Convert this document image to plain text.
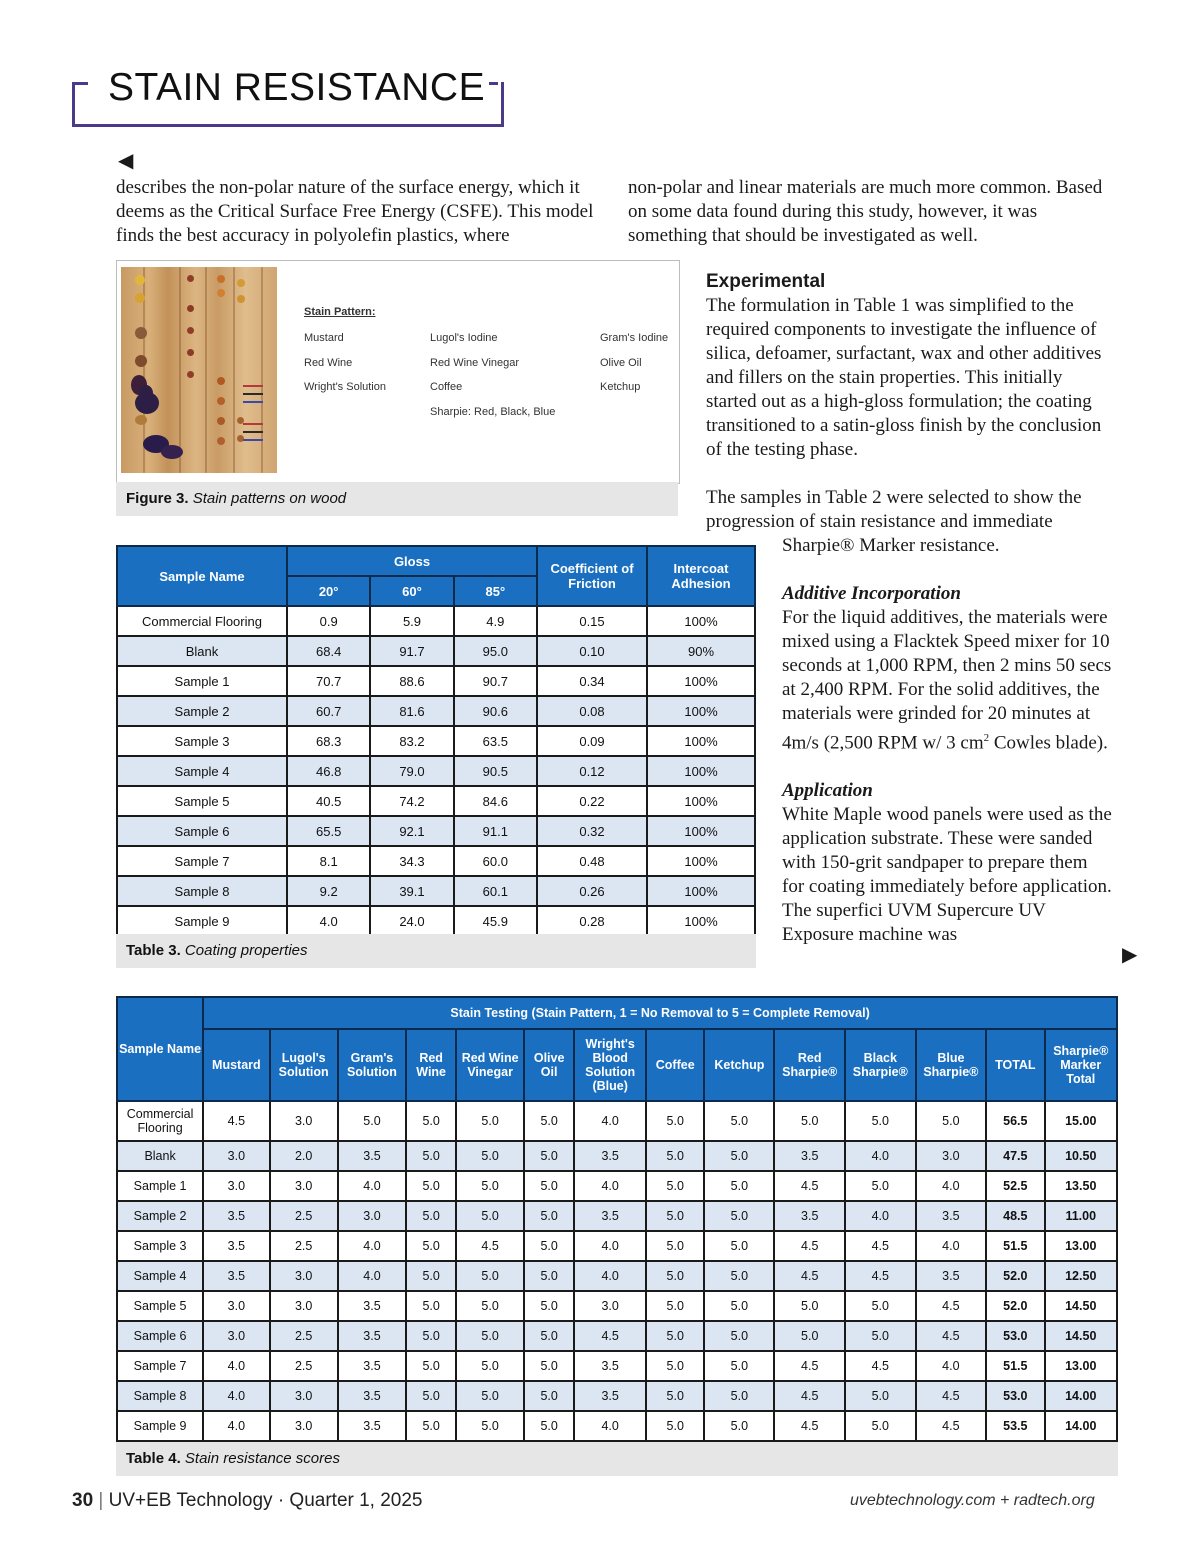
STAIN RESISTANCE
◀
▶
describes the non-polar nature of the surface energy, which it deems as the Critical Surface Free Energy (CSFE). This model finds the best accuracy in polyolefin plastics, where
non-polar and linear materials are much more common. Based on some data found during this study, however, it was something that should be investigated as well.
Stain Pattern:
Mustard
Red Wine
Wright's Solution
Lugol's Iodine
Red Wine Vinegar
Coffee
Sharpie: Red, Black, Blue
Gram's Iodine
Olive Oil
Ketchup
Figure 3. Stain patterns on wood
Experimental

The formulation in Table 1 was simplified to the required components to investigate the influence of silica, defoamer, surfactant, wax and other additives and fillers on the stain properties. This initially started out as a high-gloss formulation; the coating transitioned to a satin-gloss finish by the conclusion of the testing phase.

The samples in Table 2 were selected to show the progression of stain resistance and immediate

Sharpie® Marker resistance.

Additive Incorporation

For the liquid additives, the materials were mixed using a Flacktek Speed mixer for 10 seconds at 1,000 RPM, then 2 mins 50 secs at 2,400 RPM. For the solid additives, the materials were grinded for 20 minutes at 4m/s (2,500 RPM w/ 3 $cm^2$ Cowles blade).

Application

White Maple wood panels were used as the application substrate. These were sanded with 150-grit sandpaper to prepare them for coating immediately before application. The superfici UVM Supercure UV Exposure machine was

Sample Name	Gloss			Coefficient of Friction	Intercoat Adhesion
	20°	60°	85°		
Commercial Flooring	0.9	5.9	4.9	0.15	100%
Blank	68.4	91.7	95.0	0.10	90%
Sample 1	70.7	88.6	90.7	0.34	100%
Sample 2	60.7	81.6	90.6	0.08	100%
Sample 3	68.3	83.2	63.5	0.09	100%
Sample 4	46.8	79.0	90.5	0.12	100%
Sample 5	40.5	74.2	84.6	0.22	100%
Sample 6	65.5	92.1	91.1	0.32	100%
Sample 7	8.1	34.3	60.0	0.48	100%
Sample 8	9.2	39.1	60.1	0.26	100%
Sample 9	4.0	24.0	45.9	0.28	100%
Table 3. Coating properties
Sample Name	Stain Testing (Stain Pattern, 1 = No Removal to 5 = Complete Removal)													
	Mustard	Lugol's Solution	Gram's Solution	Red Wine	Red Wine Vinegar	Olive Oil	Wright's Blood Solution (Blue)	Coffee	Ketchup	Red Sharpie®	Black Sharpie®	Blue Sharpie®	TOTAL	Sharpie® Marker Total
Commercial Flooring	4.5	3.0	5.0	5.0	5.0	5.0	4.0	5.0	5.0	5.0	5.0	5.0	56.5	15.00
Blank	3.0	2.0	3.5	5.0	5.0	5.0	3.5	5.0	5.0	3.5	4.0	3.0	47.5	10.50
Sample 1	3.0	3.0	4.0	5.0	5.0	5.0	4.0	5.0	5.0	4.5	5.0	4.0	52.5	13.50
Sample 2	3.5	2.5	3.0	5.0	5.0	5.0	3.5	5.0	5.0	3.5	4.0	3.5	48.5	11.00
Sample 3	3.5	2.5	4.0	5.0	4.5	5.0	4.0	5.0	5.0	4.5	4.5	4.0	51.5	13.00
Sample 4	3.5	3.0	4.0	5.0	5.0	5.0	4.0	5.0	5.0	4.5	4.5	3.5	52.0	12.50
Sample 5	3.0	3.0	3.5	5.0	5.0	5.0	3.0	5.0	5.0	5.0	5.0	4.5	52.0	14.50
Sample 6	3.0	2.5	3.5	5.0	5.0	5.0	4.5	5.0	5.0	5.0	5.0	4.5	53.0	14.50
Sample 7	4.0	2.5	3.5	5.0	5.0	5.0	3.5	5.0	5.0	4.5	4.5	4.0	51.5	13.00
Sample 8	4.0	3.0	3.5	5.0	5.0	5.0	3.5	5.0	5.0	4.5	5.0	4.5	53.0	14.00
Sample 9	4.0	3.0	3.5	5.0	5.0	5.0	4.0	5.0	5.0	4.5	5.0	4.5	53.5	14.00
Table 4. Stain resistance scores
30 | UV+EB Technology · Quarter 1, 2025	uvebtechnology.com + radtech.org
